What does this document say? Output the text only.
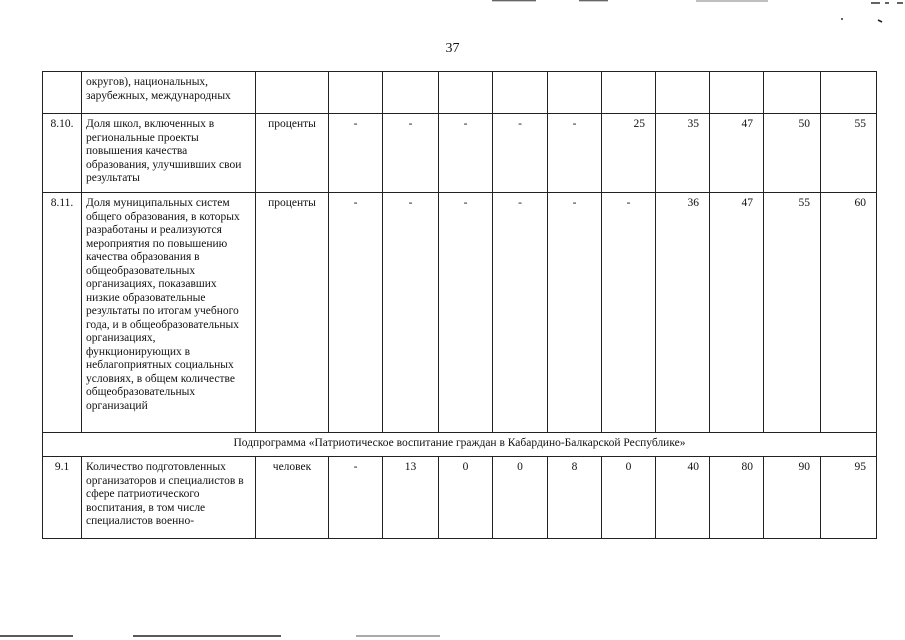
37
	округов), национальных, зарубежных, международных											
8.10.	Доля школ, включенных в региональные проекты повышения качества образования, улучшивших свои результаты	проценты	-	-	-	-	-	25	35	47	50	55
8.11.	Доля муниципальных систем общего образования, в которых разработаны и реализуются мероприятия по повышению качества образования в общеобразовательных организациях, показавших низкие образовательные результаты по итогам учебного года, и в общеобразовательных организациях, функционирующих в неблагоприятных социальных условиях, в общем количестве общеобразовательных организаций	проценты	-	-	-	-	-	-	36	47	55	60
Подпрограмма «Патриотическое воспитание граждан в Кабардино-Балкарской Республике»												
9.1	Количество подготовленных организаторов и специалистов в сфере патриотического воспитания, в том числе специалистов военно-	человек	-	13	0	0	8	0	40	80	90	95
